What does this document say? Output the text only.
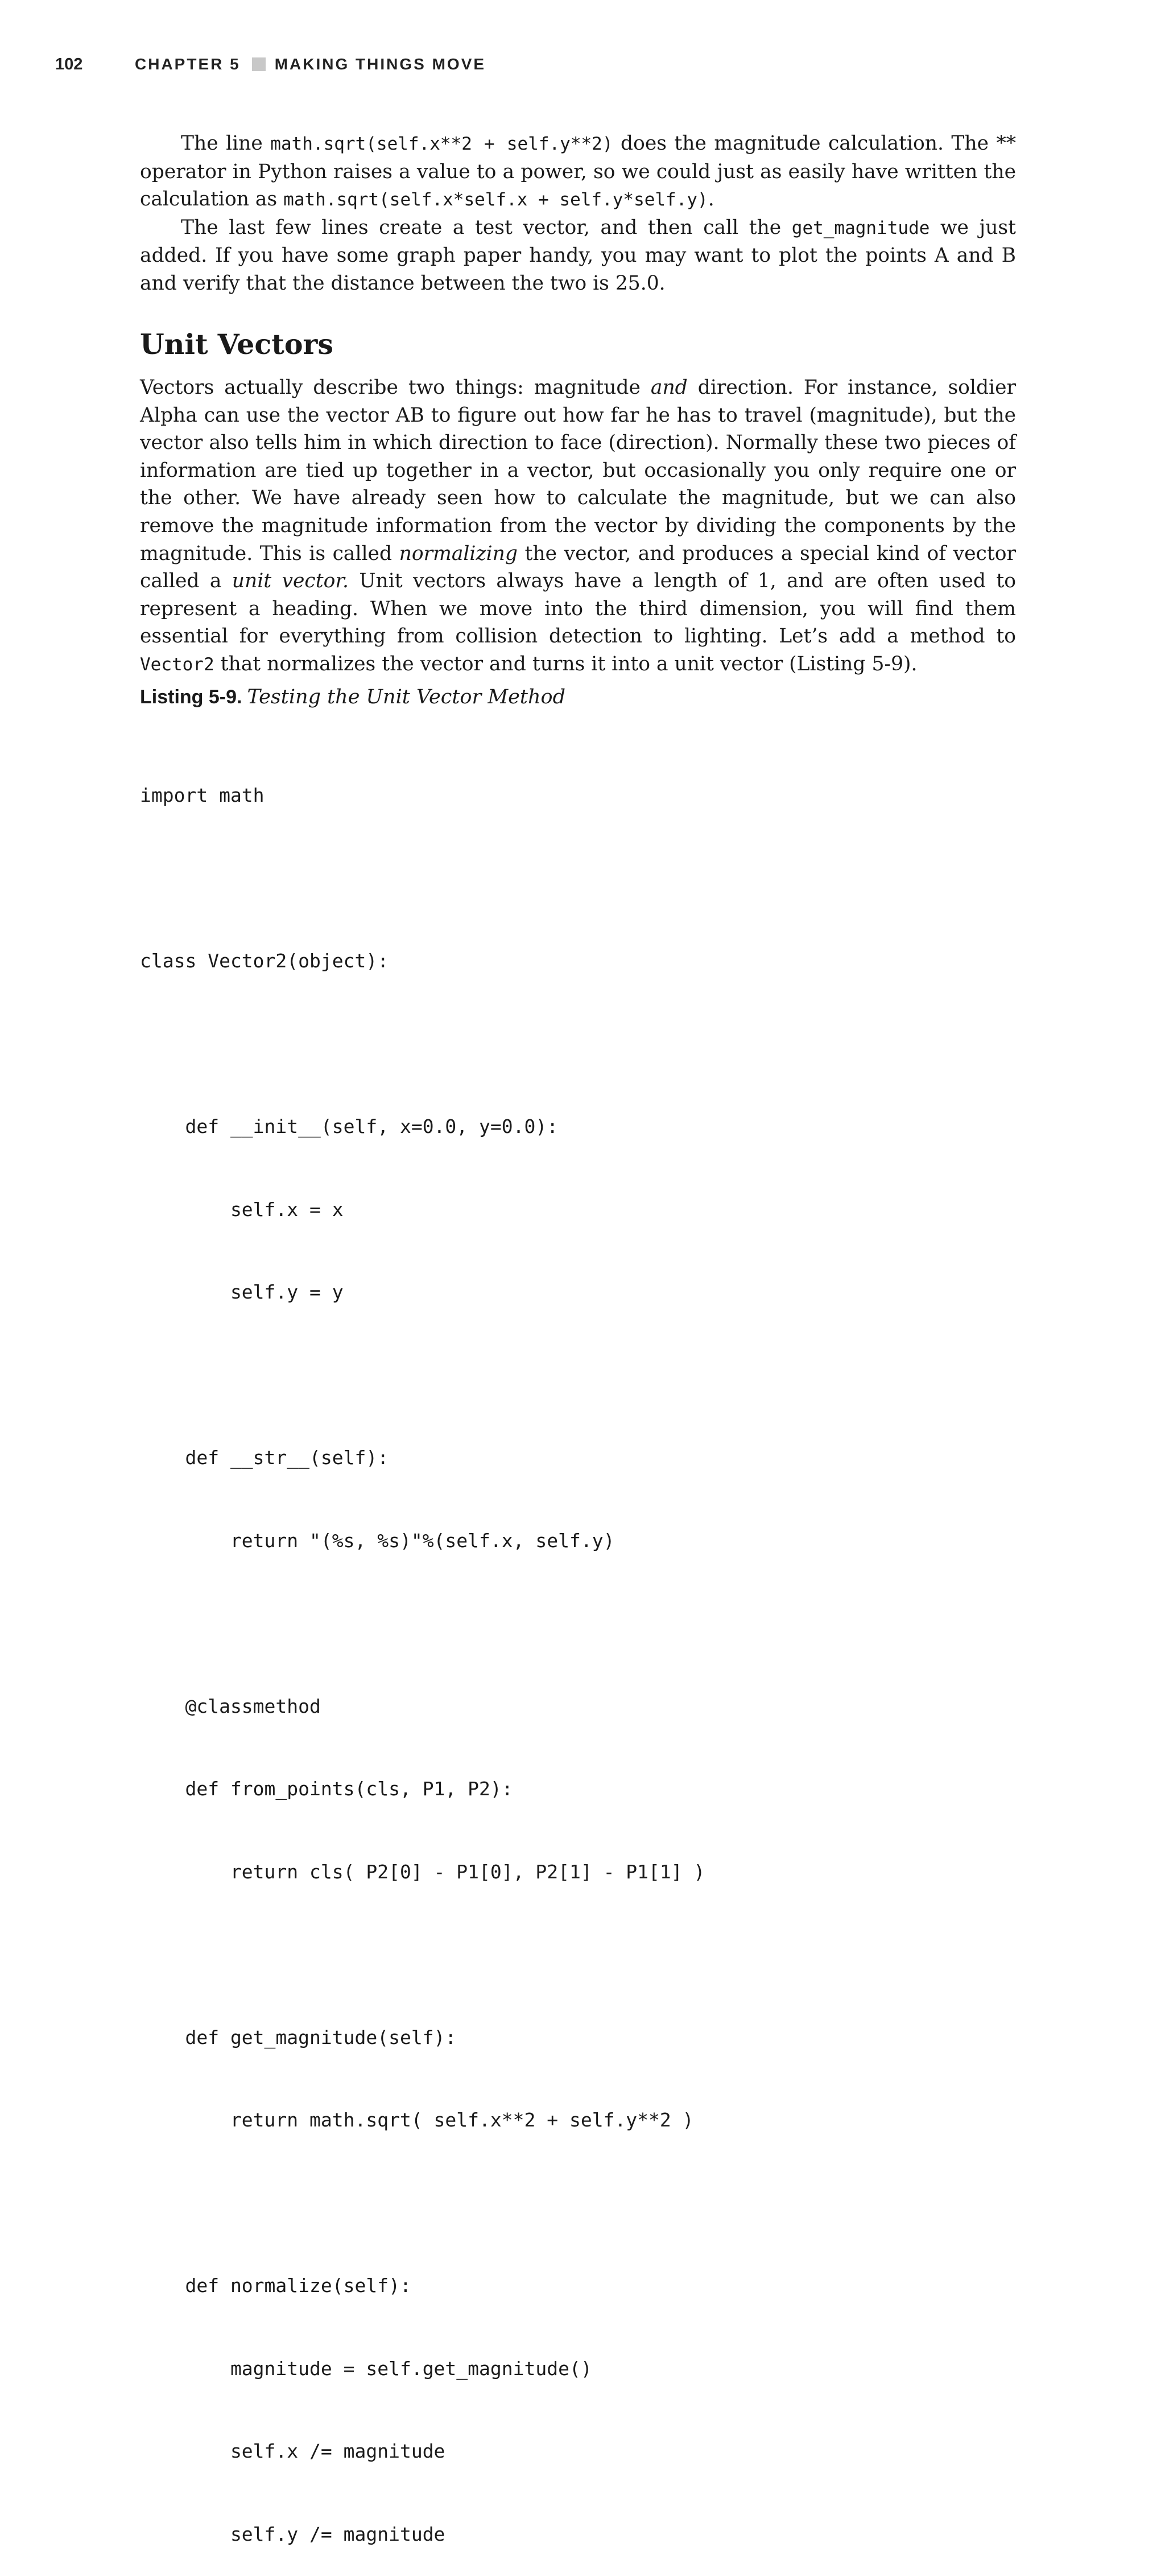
102	CHAPTER 5 MAKING THINGS MOVE

The line math.sqrt(self.x**2 + self.y**2) does the magnitude calculation. The ** operator in Python raises a value to a power, so we could just as easily have written the calculation as math.sqrt(self.x*self.x + self.y*self.y).

The last few lines create a test vector, and then call the get_magnitude we just added. If you have some graph paper handy, you may want to plot the points A and B and verify that the distance between the two is 25.0.

Unit Vectors

Vectors actually describe two things: magnitude and direction. For instance, soldier Alpha can use the vector AB to figure out how far he has to travel (magnitude), but the vector also tells him in which direction to face (direction). Normally these two pieces of information are tied up together in a vector, but occasionally you only require one or the other. We have already seen how to calculate the magnitude, but we can also remove the magnitude information from the vector by dividing the components by the magnitude. This is called normalizing the vector, and produces a special kind of vector called a unit vector. Unit vectors always have a length of 1, and are often used to represent a heading. When we move into the third dimension, you will find them essential for everything from collision detection to lighting. Let’s add a method to Vector2 that normalizes the vector and turns it into a unit vector (Listing 5-9).

Listing 5-9. Testing the Unit Vector Method

import math

class Vector2(object):

def __init__(self, x=0.0, y=0.0):

self.x = x

self.y = y

def __str__(self):

return "(%s, %s)"%(self.x, self.y)

@classmethod

def from_points(cls, P1, P2):

return cls( P2[0] - P1[0], P2[1] - P1[1] )

def get_magnitude(self):

return math.sqrt( self.x**2 + self.y**2 )

def normalize(self):

magnitude = self.get_magnitude()

self.x /= magnitude

self.y /= magnitude
